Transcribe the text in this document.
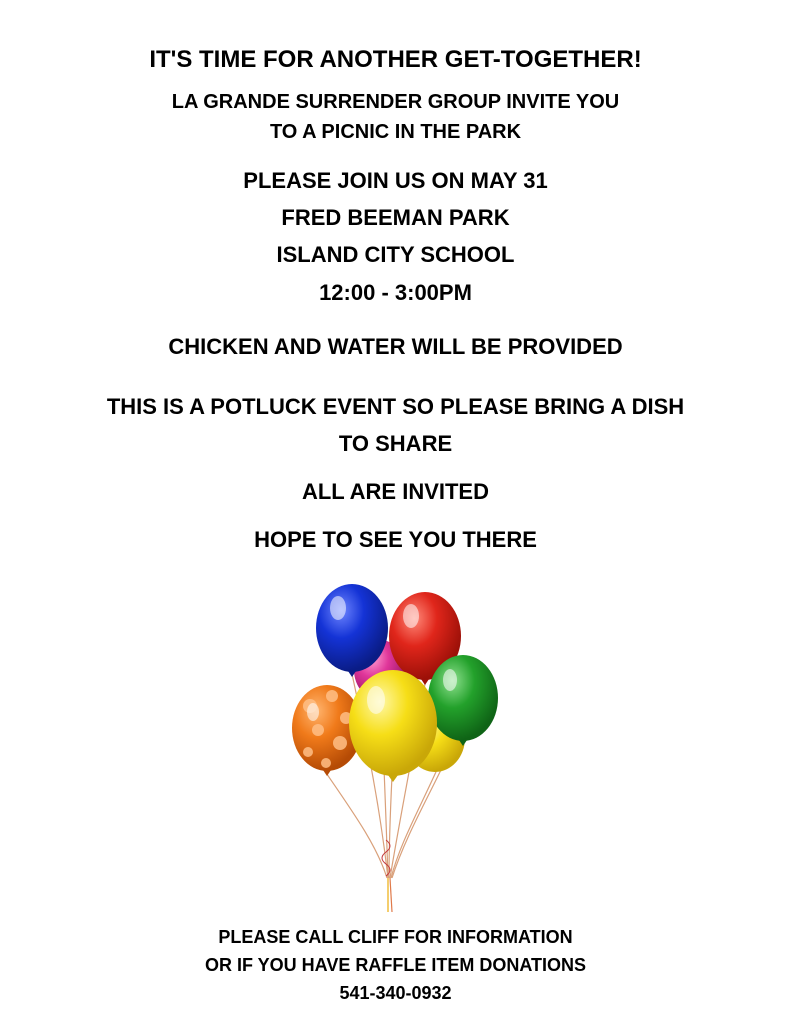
IT'S TIME FOR ANOTHER GET-TOGETHER!
LA GRANDE SURRENDER GROUP INVITE YOU
TO A PICNIC IN THE PARK
PLEASE JOIN US ON MAY 31
FRED BEEMAN PARK
ISLAND CITY SCHOOL
12:00 - 3:00PM
CHICKEN AND WATER WILL BE PROVIDED
THIS IS A POTLUCK EVENT SO PLEASE BRING A DISH
TO SHARE
ALL ARE INVITED
HOPE TO SEE YOU THERE
PLEASE CALL CLIFF FOR INFORMATION
OR IF YOU HAVE RAFFLE ITEM DONATIONS
541-340-0932
